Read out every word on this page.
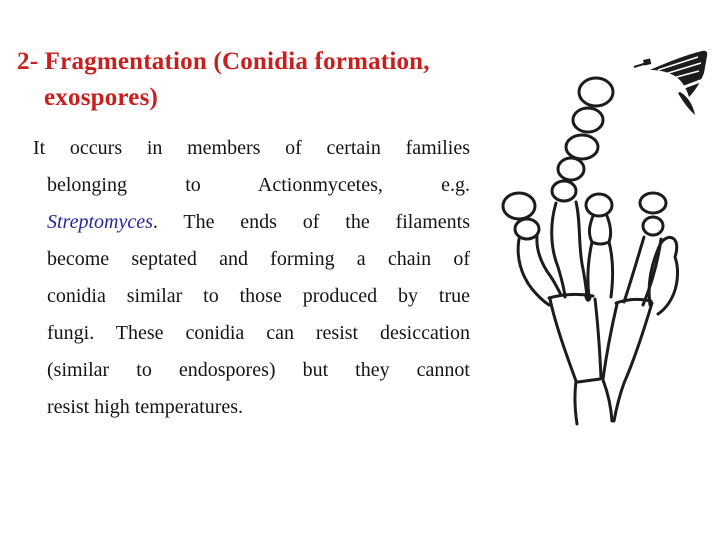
2- Fragmentation (Conidia formation,
exospores)
It occurs in members of certain families
belonging to Actionmycetes, e.g.
Streptomyces. The ends of the filaments
become septated and forming a chain of
conidia similar to those produced by true
fungi. These conidia can resist desiccation
(similar to endospores) but they cannot
resist high temperatures.
